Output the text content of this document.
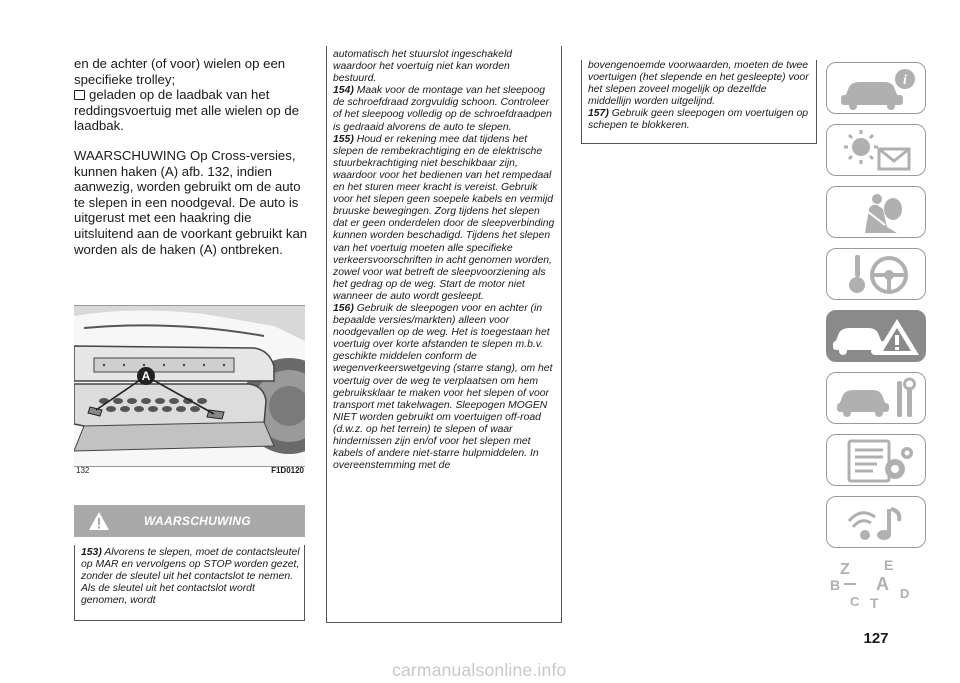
en de achter (of voor) wielen op een specifieke trolley;

geladen op de laadbak van het reddingsvoertuig met alle wielen op de laadbak.

WAARSCHUWING Op Cross-versies, kunnen haken (A) afb. 132, indien aanwezig, worden gebruikt om de auto te slepen in een noodgeval. De auto is uitgerust met een haakring die uitsluitend aan de voorkant gebruikt kan worden als de haken (A) ontbreken.

A
132	F1D0120
WAARSCHUWING
153) Alvorens te slepen, moet de contactsleutel op MAR en vervolgens op STOP worden gezet, zonder de sleutel uit het contactslot te nemen. Als de sleutel uit het contactslot wordt genomen, wordt

automatisch het stuurslot ingeschakeld waardoor het voertuig niet kan worden bestuurd.

154) Maak voor de montage van het sleepoog de schroefdraad zorgvuldig schoon. Controleer of het sleepoog volledig op de schroefdraadpen is gedraaid alvorens de auto te slepen.

155) Houd er rekening mee dat tijdens het slepen de rembekrachtiging en de elektrische stuurbekrachtiging niet beschikbaar zijn, waardoor voor het bedienen van het rempedaal en het sturen meer kracht is vereist. Gebruik voor het slepen geen soepele kabels en vermijd bruuske bewegingen. Zorg tijdens het slepen dat er geen onderdelen door de sleepverbinding kunnen worden beschadigd. Tijdens het slepen van het voertuig moeten alle specifieke verkeersvoorschriften in acht genomen worden, zowel voor wat betreft de sleepvoorziening als het gedrag op de weg. Start de motor niet wanneer de auto wordt gesleept.

156) Gebruik de sleepogen voor en achter (in bepaalde versies/markten) alleen voor noodgevallen op de weg. Het is toegestaan het voertuig over korte afstanden te slepen m.b.v. geschikte middelen conform de wegenverkeerswetgeving (starre stang), om het voertuig over de weg te verplaatsen om hem gebruiksklaar te maken voor het slepen of voor transport met takelwagen. Sleepogen MOGEN NIET worden gebruikt om voertuigen off-road (d.w.z. op het terrein) te slepen of waar hindernissen zijn en/of voor het slepen met kabels of andere niet-starre hulpmiddelen. In overeenstemming met de

bovengenoemde voorwaarden, moeten de twee voertuigen (het slepende en het gesleepte) voor het slepen zoveel mogelijk op dezelfde middellijn worden uitgelijnd.

157) Gebruik geen sleepogen om voertuigen op schepen te blokkeren.

i
Z E
B A
C T
D
127
carmanualsonline.info
